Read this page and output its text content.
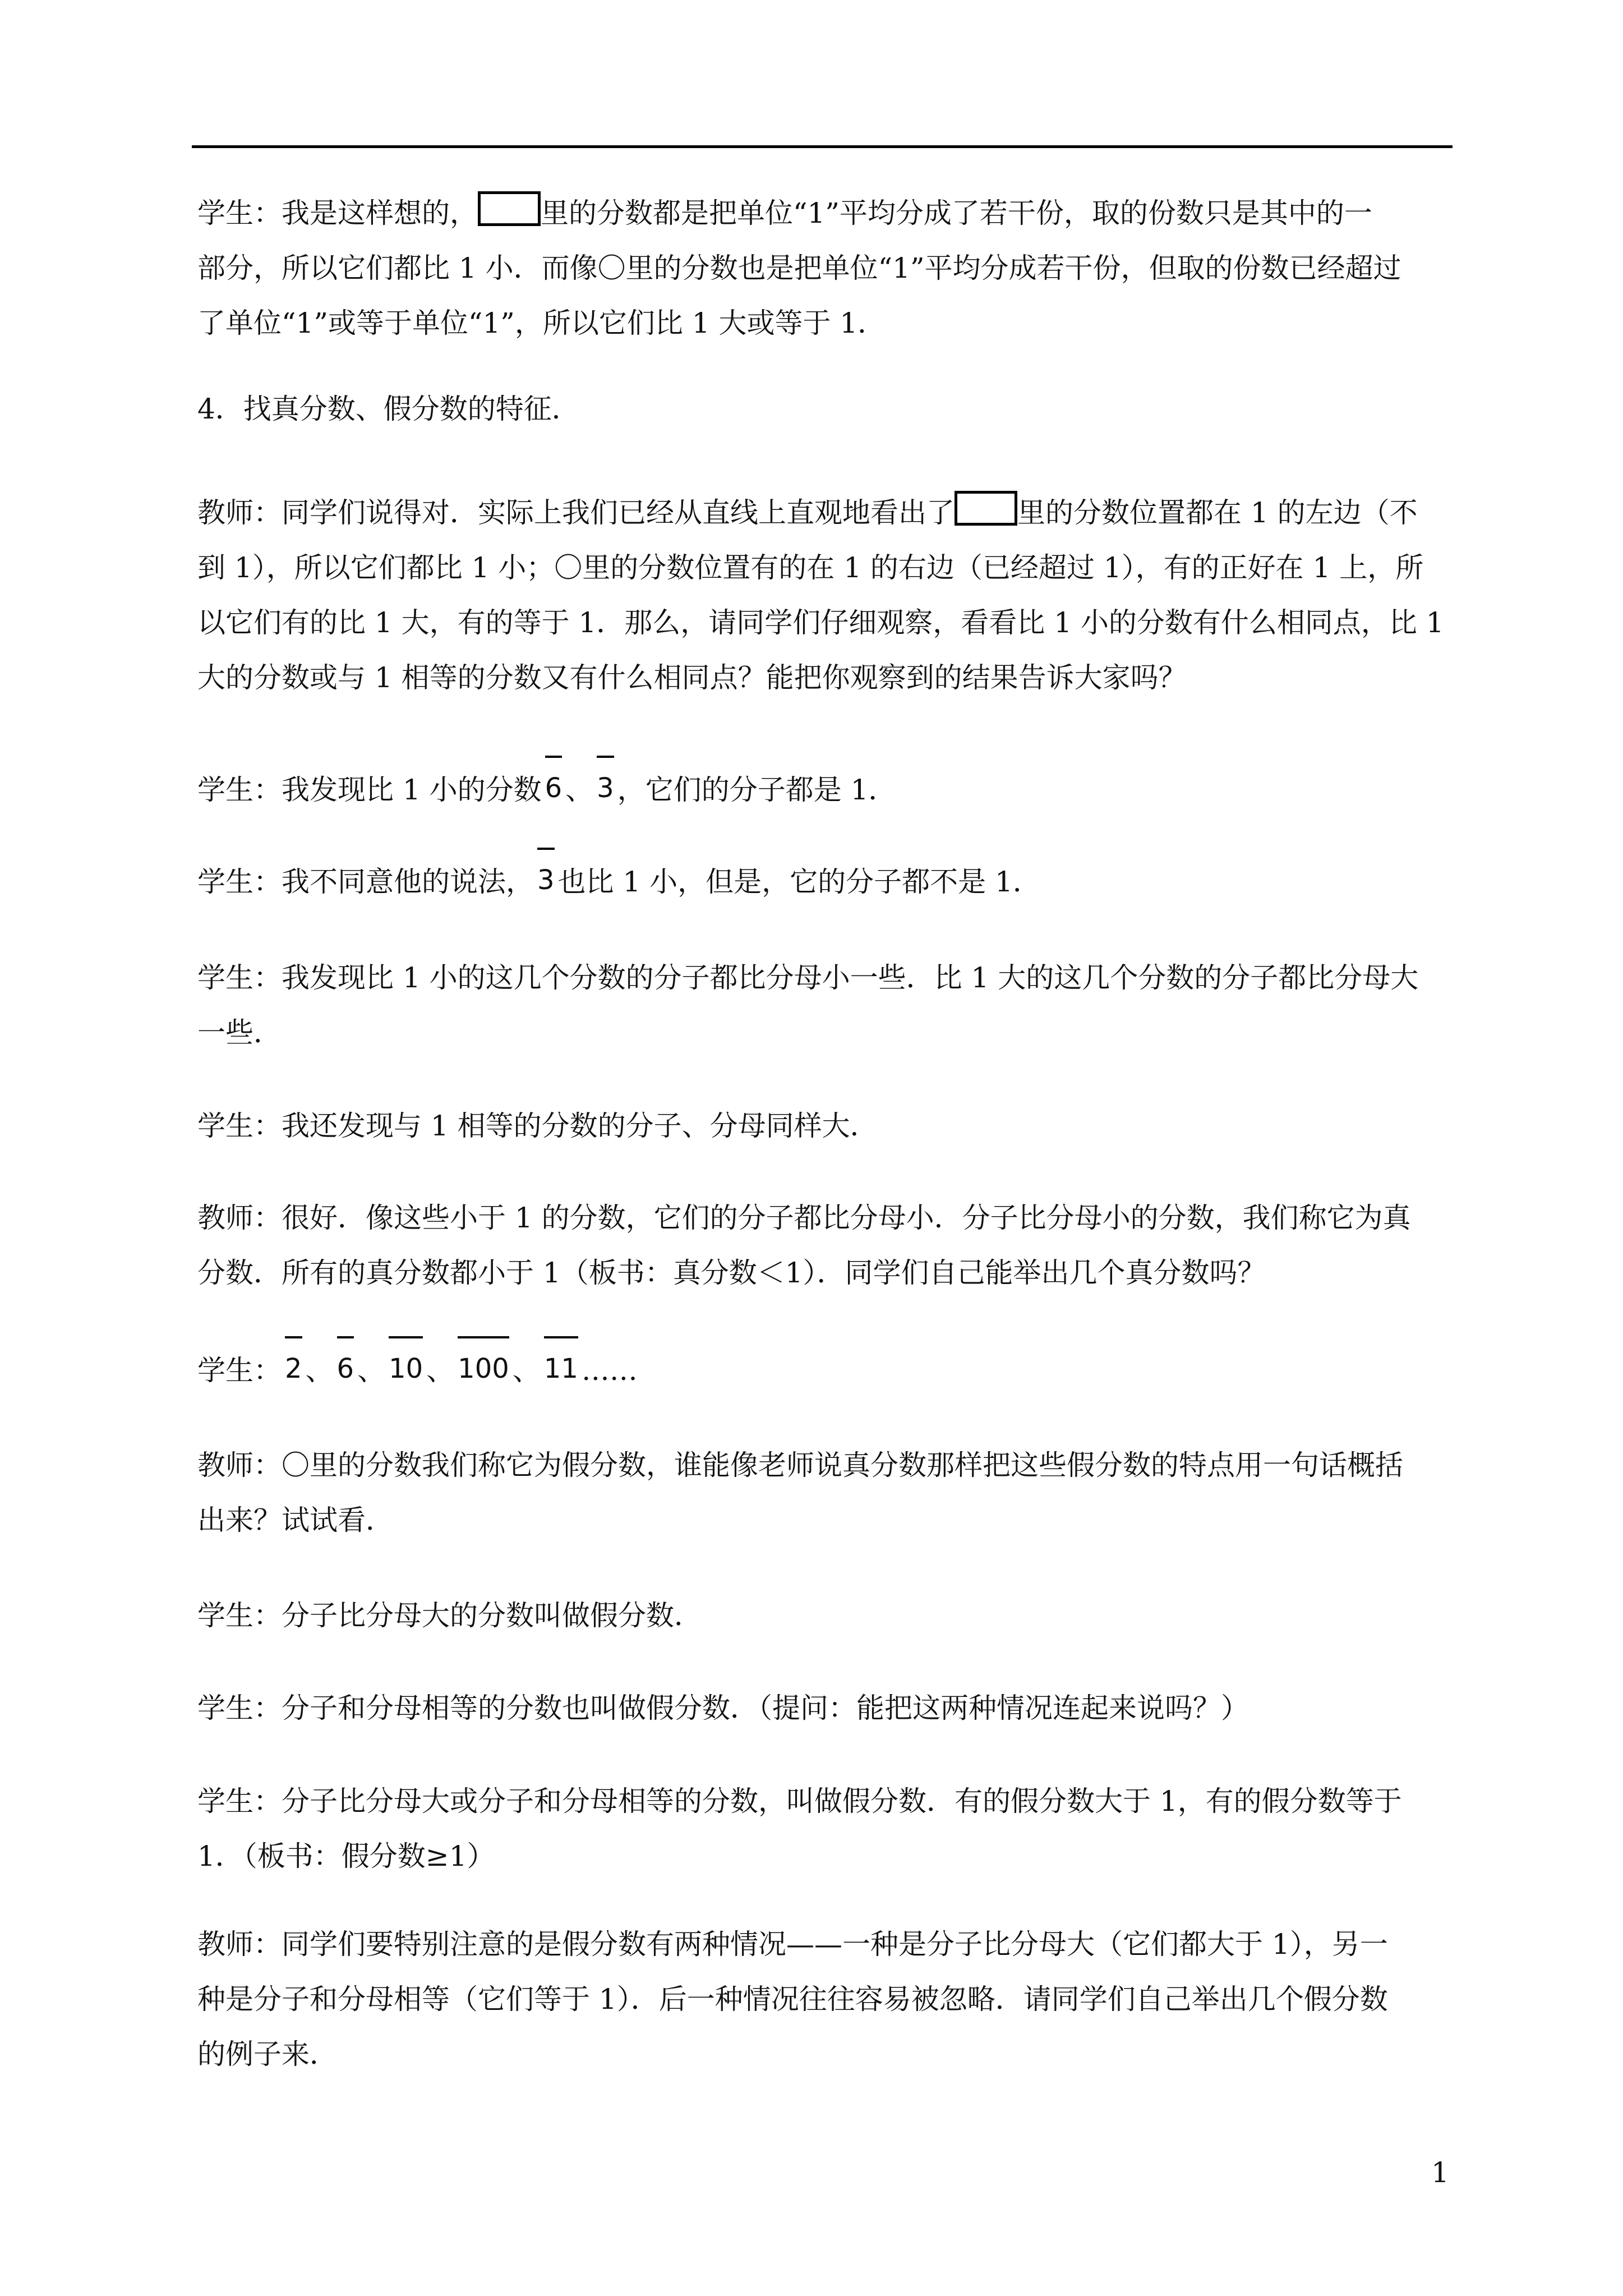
学生：我是这样想的， 里的分数都是把单位“1”平均分成了若干份，取的份数只是其中的一
部分，所以它们都比 1 小．而像〇里的分数也是把单位“1”平均分成若干份，但取的份数已经超过
了单位“1”或等于单位“1”，所以它们比 1 大或等于 1．
4．找真分数、假分数的特征．
教师：同学们说得对．实际上我们已经从直线上直观地看出了 里的分数位置都在 1 的左边（不
到 1），所以它们都比 1 小；〇里的分数位置有的在 1 的右边（已经超过 1），有的正好在 1 上，所
以它们有的比 1 大，有的等于 1．那么，请同学们仔细观察，看看比 1 小的分数有什么相同点，比 1
大的分数或与 1 相等的分数又有什么相同点？能把你观察到的结果告诉大家吗？
学生：我发现比 1 小的分数 6 、 3 ，它们的分子都是 1．
学生：我不同意他的说法， 3 也比 1 小，但是，它的分子都不是 1．
学生：我发现比 1 小的这几个分数的分子都比分母小一些．比 1 大的这几个分数的分子都比分母大
一些．
学生：我还发现与 1 相等的分数的分子、分母同样大．
教师：很好．像这些小于 1 的分数，它们的分子都比分母小．分子比分母小的分数，我们称它为真
分数．所有的真分数都小于 1（板书：真分数＜1）．同学们自己能举出几个真分数吗？
学生： 2 、 6 、 10 、 100 、 11 ……
教师：〇里的分数我们称它为假分数，谁能像老师说真分数那样把这些假分数的特点用一句话概括
出来？试试看．
学生：分子比分母大的分数叫做假分数．
学生：分子和分母相等的分数也叫做假分数．（提问：能把这两种情况连起来说吗？）
学生：分子比分母大或分子和分母相等的分数，叫做假分数．有的假分数大于 1，有的假分数等于
1．（板书：假分数≥1）
教师：同学们要特别注意的是假分数有两种情况——一种是分子比分母大（它们都大于 1），另一
种是分子和分母相等（它们等于 1）．后一种情况往往容易被忽略．请同学们自己举出几个假分数
的例子来．
1
